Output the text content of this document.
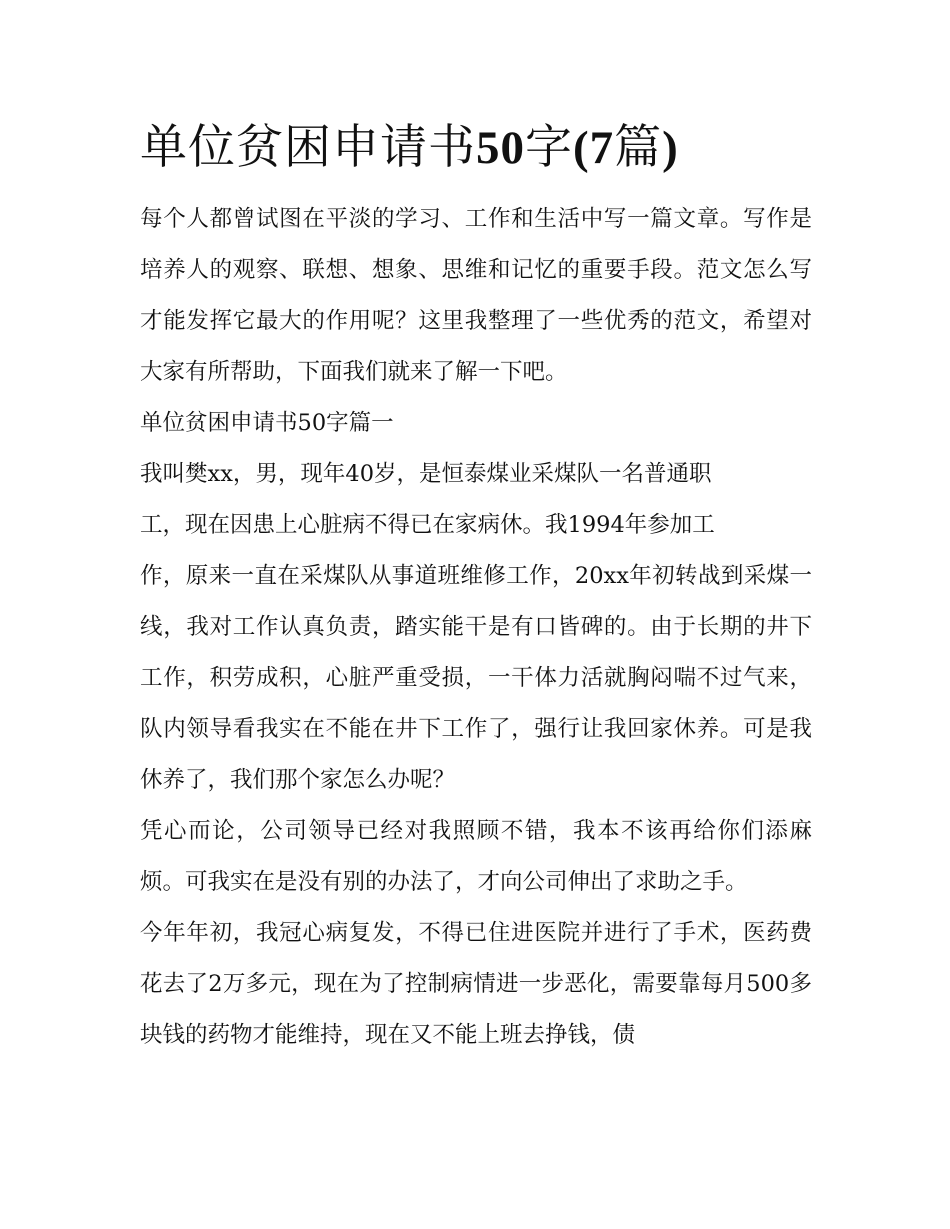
单位贫困申请书50字(7篇)

每个人都曾试图在平淡的学习、工作和生活中写一篇文章。写作是培养人的观察、联想、想象、思维和记忆的重要手段。范文怎么写才能发挥它最大的作用呢？这里我整理了一些优秀的范文，希望对大家有所帮助，下面我们就来了解一下吧。

单位贫困申请书50字篇一

我叫樊xx，男，现年40岁，是恒泰煤业采煤队一名普通职

工，现在因患上心脏病不得已在家病休。我1994年参加工

作，原来一直在采煤队从事道班维修工作，20xx年初转战到采煤一线，我对工作认真负责，踏实能干是有口皆碑的。由于长期的井下工作，积劳成积，心脏严重受损，一干体力活就胸闷喘不过气来，队内领导看我实在不能在井下工作了，强行让我回家休养。可是我休养了，我们那个家怎么办呢？

凭心而论，公司领导已经对我照顾不错，我本不该再给你们添麻烦。可我实在是没有别的办法了，才向公司伸出了求助之手。

今年年初，我冠心病复发，不得已住进医院并进行了手术，医药费花去了2万多元，现在为了控制病情进一步恶化，需要靠每月500多块钱的药物才能维持，现在又不能上班去挣钱，债
